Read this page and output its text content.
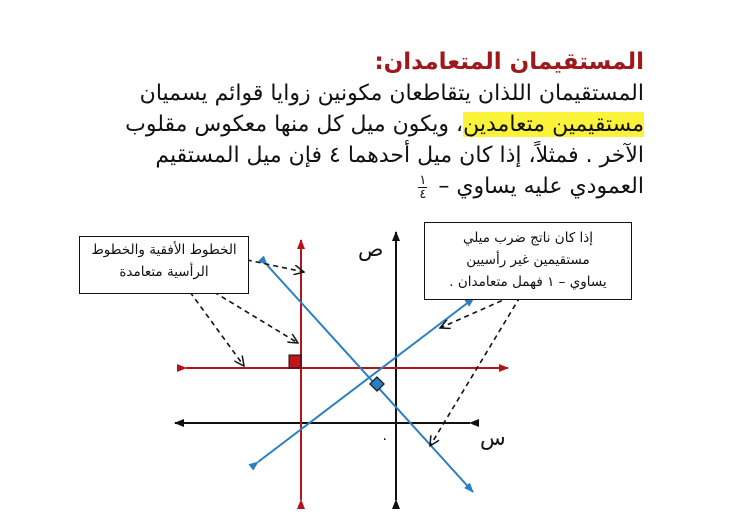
المستقيمان المتعامدان:
المستقيمان اللذان يتقاطعان مكونين زوايا قوائم يسميان
مستقيمين متعامدين، ويكون ميل كل منها معكوس مقلوب
الآخر . فمثلاً، إذا كان ميل أحدهما ٤ فإن ميل المستقيم
العمودي عليه يساوي –
$\frac{١}{٤}$
ص
س
٠
الخطوط الأفقية والخطوط
الرأسية متعامدة
إذا كان ناتج ضرب ميلي
مستقيمين غير رأسيين
يساوي – ١ فهمل متعامدان .
